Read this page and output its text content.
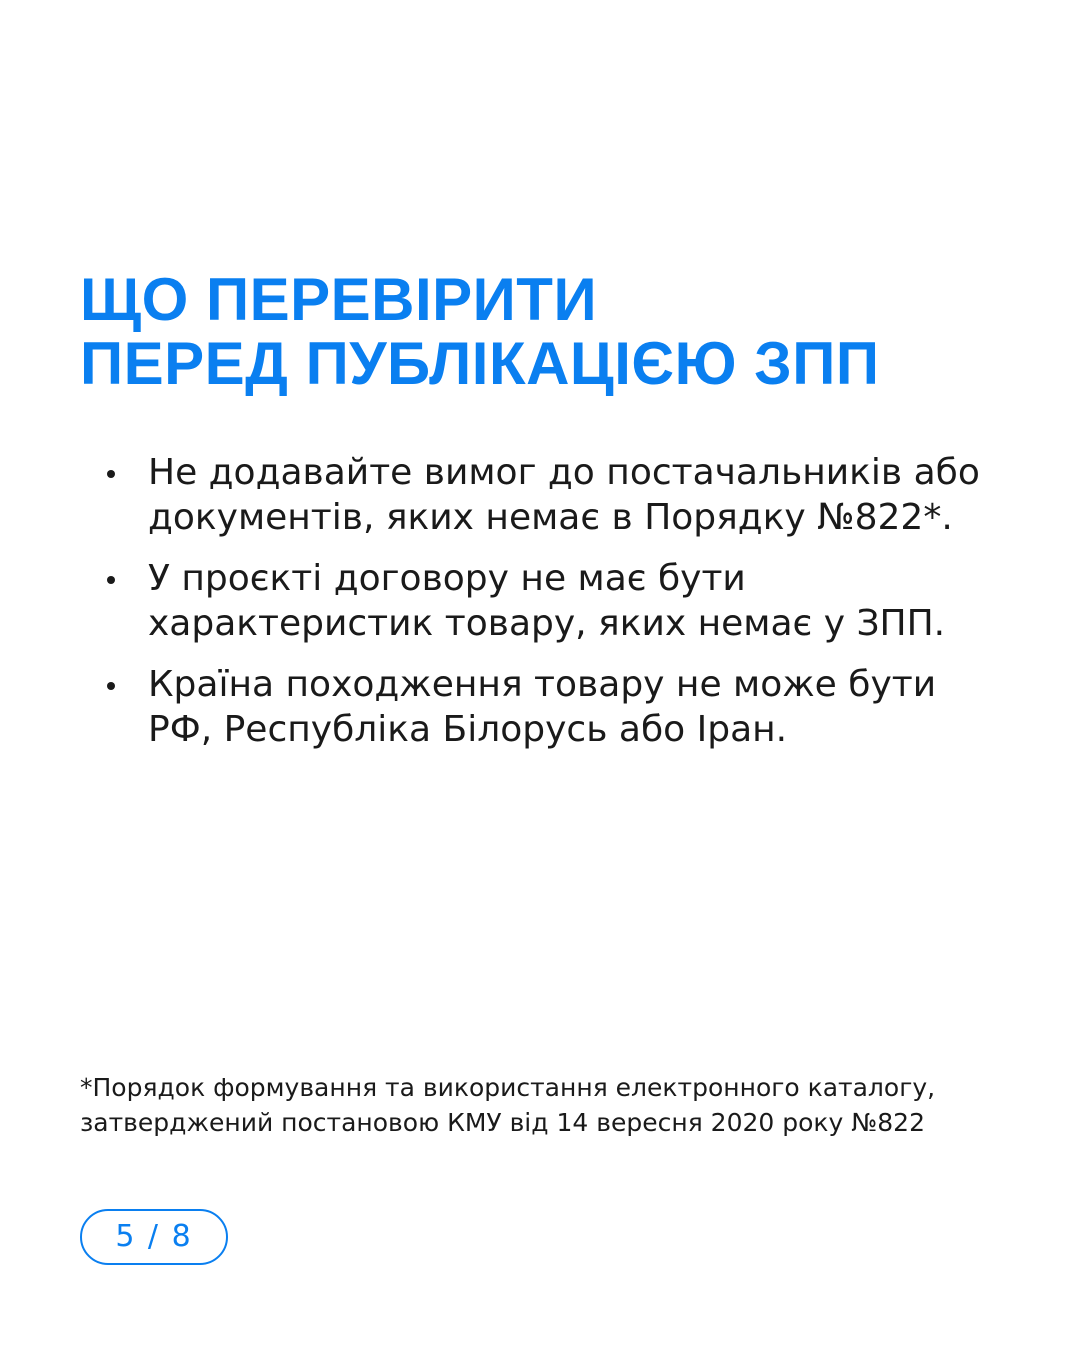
ЩО ПЕРЕВІРИТИ
ПЕРЕД ПУБЛІКАЦІЄЮ ЗПП
Не додавайте вимог до постачальників або документів, яких немає в Порядку №822*.
У проєкті договору не має бути характеристик товару, яких немає у ЗПП.
Країна походження товару не може бути РФ, Республіка Білорусь або Іран.

*Порядок формування та використання електронного каталогу,
затверджений постановою КМУ від 14 вересня 2020 року №822

5 / 8
